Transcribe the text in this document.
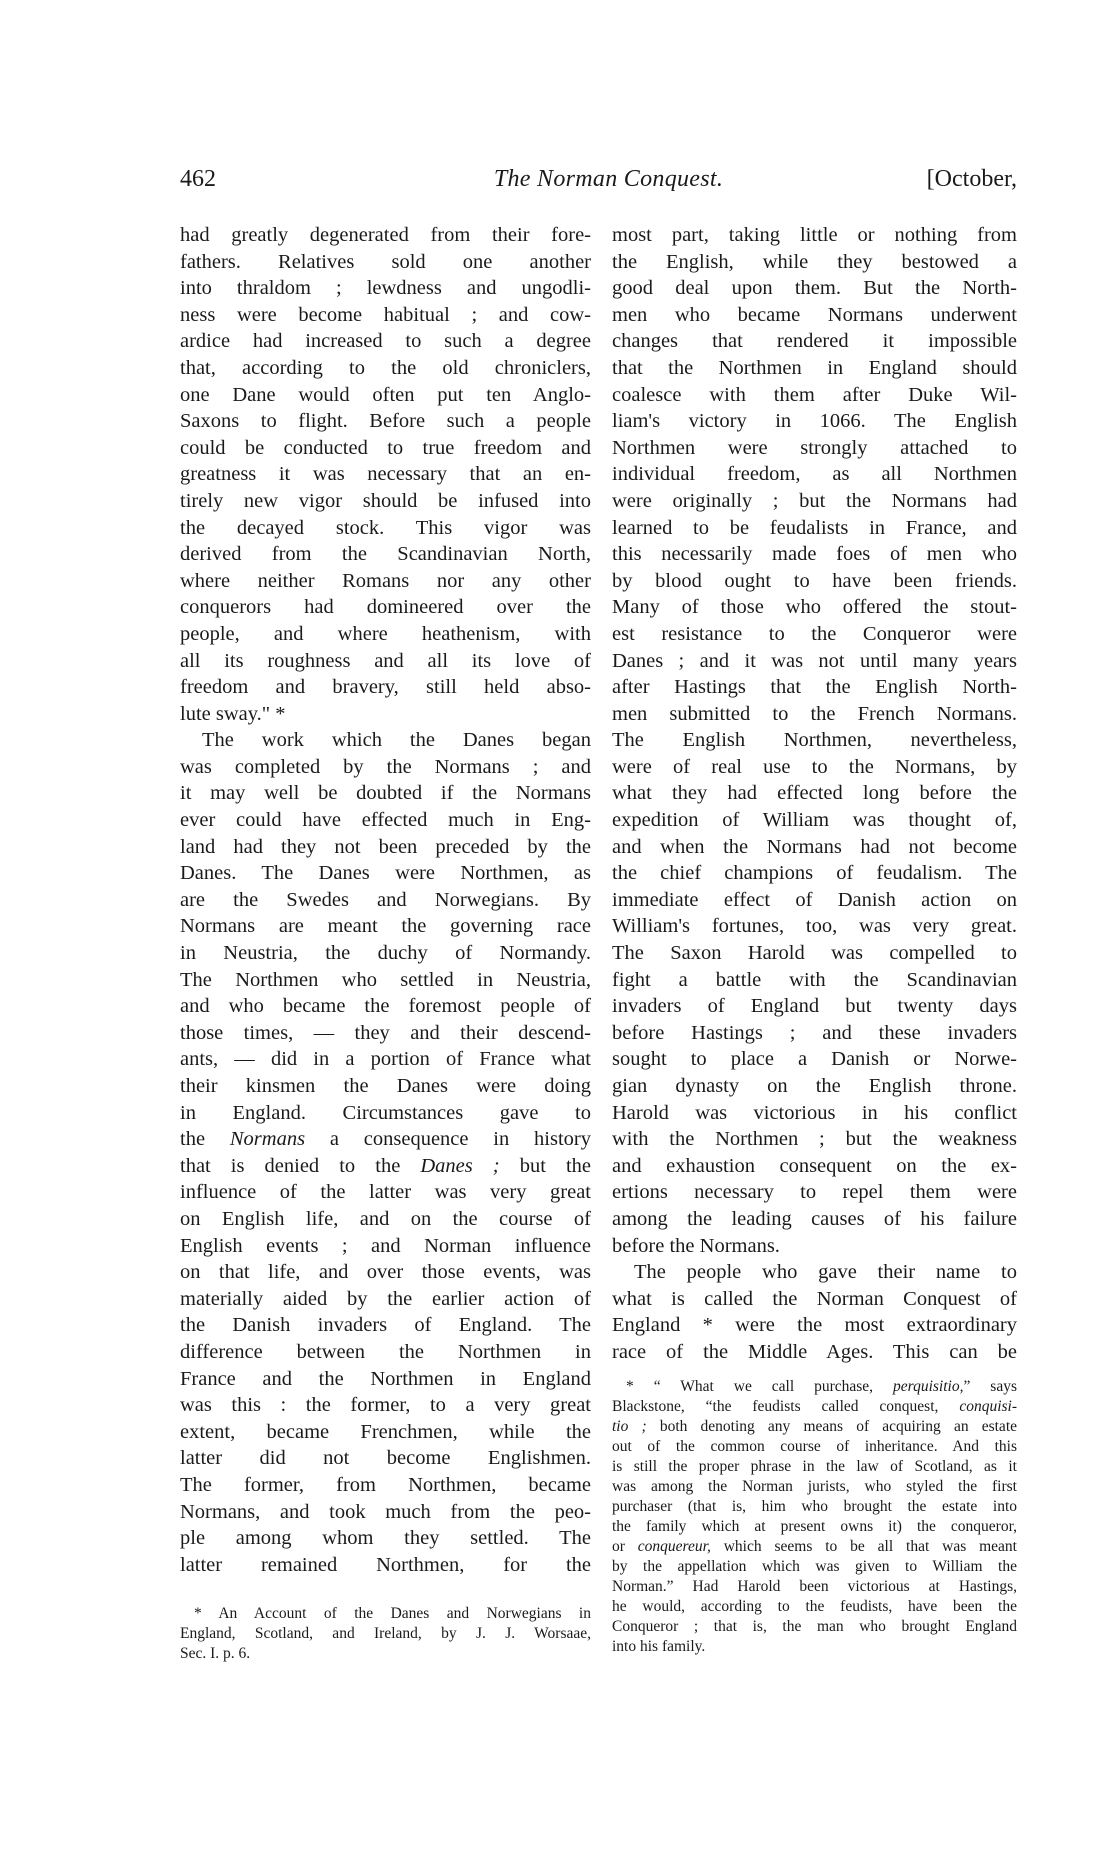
462	The Norman Conquest.	[October,
had greatly degenerated from their fore-
fathers. Relatives sold one another
into thraldom ; lewdness and ungodli-
ness were become habitual ; and cow-
ardice had increased to such a degree
that, according to the old chroniclers,
one Dane would often put ten Anglo-
Saxons to flight. Before such a people
could be conducted to true freedom and
greatness it was necessary that an en-
tirely new vigor should be infused into
the decayed stock. This vigor was
derived from the Scandinavian North,
where neither Romans nor any other
conquerors had domineered over the
people, and where heathenism, with
all its roughness and all its love of
freedom and bravery, still held abso-
lute sway." *
The work which the Danes began
was completed by the Normans ; and
it may well be doubted if the Normans
ever could have effected much in Eng-
land had they not been preceded by the
Danes. The Danes were Northmen, as
are the Swedes and Norwegians. By
Normans are meant the governing race
in Neustria, the duchy of Normandy.
The Northmen who settled in Neustria,
and who became the foremost people of
those times, — they and their descend-
ants, — did in a portion of France what
their kinsmen the Danes were doing
in England. Circumstances gave to
the Normans a consequence in history
that is denied to the Danes ; but the
influence of the latter was very great
on English life, and on the course of
English events ; and Norman influence
on that life, and over those events, was
materially aided by the earlier action of
the Danish invaders of England. The
difference between the Northmen in
France and the Northmen in England
was this : the former, to a very great
extent, became Frenchmen, while the
latter did not become Englishmen.
The former, from Northmen, became
Normans, and took much from the peo-
ple among whom they settled. The
latter remained Northmen, for the
* An Account of the Danes and Norwegians in
England, Scotland, and Ireland, by J. J. Worsaae,
Sec. I. p. 6.
most part, taking little or nothing from
the English, while they bestowed a
good deal upon them. But the North-
men who became Normans underwent
changes that rendered it impossible
that the Northmen in England should
coalesce with them after Duke Wil-
liam's victory in 1066. The English
Northmen were strongly attached to
individual freedom, as all Northmen
were originally ; but the Normans had
learned to be feudalists in France, and
this necessarily made foes of men who
by blood ought to have been friends.
Many of those who offered the stout-
est resistance to the Conqueror were
Danes ; and it was not until many years
after Hastings that the English North-
men submitted to the French Normans.
The English Northmen, nevertheless,
were of real use to the Normans, by
what they had effected long before the
expedition of William was thought of,
and when the Normans had not become
the chief champions of feudalism. The
immediate effect of Danish action on
William's fortunes, too, was very great.
The Saxon Harold was compelled to
fight a battle with the Scandinavian
invaders of England but twenty days
before Hastings ; and these invaders
sought to place a Danish or Norwe-
gian dynasty on the English throne.
Harold was victorious in his conflict
with the Northmen ; but the weakness
and exhaustion consequent on the ex-
ertions necessary to repel them were
among the leading causes of his failure
before the Normans.
The people who gave their name to
what is called the Norman Conquest of
England * were the most extraordinary
race of the Middle Ages. This can be
* “ What we call purchase, perquisitio,” says
Blackstone, “the feudists called conquest, conquisi-
tio ; both denoting any means of acquiring an estate
out of the common course of inheritance. And this
is still the proper phrase in the law of Scotland, as it
was among the Norman jurists, who styled the first
purchaser (that is, him who brought the estate into
the family which at present owns it) the conqueror,
or conquereur, which seems to be all that was meant
by the appellation which was given to William the
Norman.” Had Harold been victorious at Hastings,
he would, according to the feudists, have been the
Conqueror ; that is, the man who brought England
into his family.
